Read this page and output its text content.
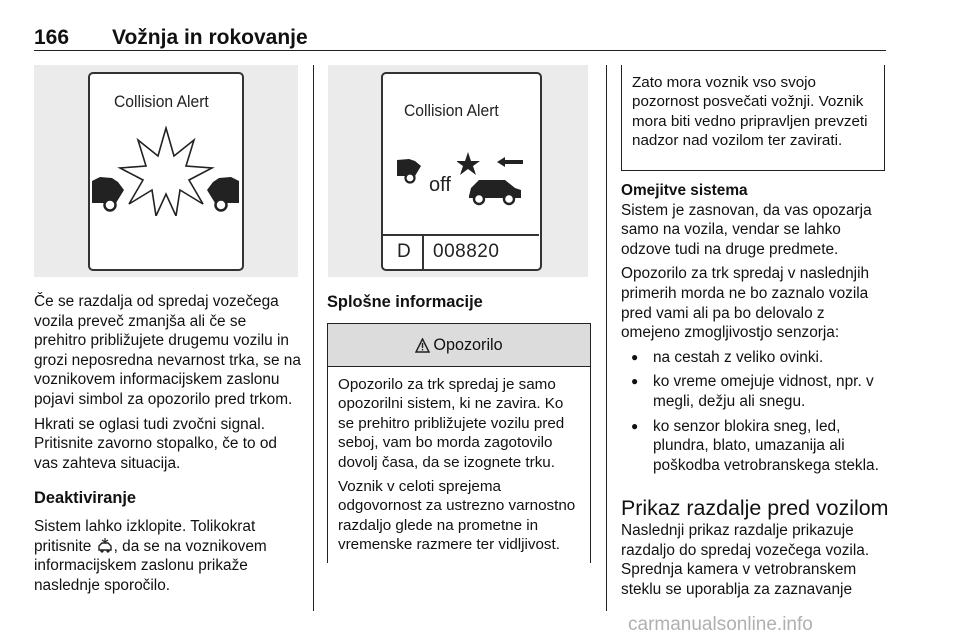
166 Vožnja in rokovanje
Collision Alert	Collision Alert
off
D 008820

Če se razdalja od spredaj vozečega vozila preveč zmanjša ali če se prehitro približujete drugemu vozilu in grozi neposredna nevarnost trka, se na voznikovem informacijskem zaslonu pojavi simbol za opozorilo pred trkom.

Hkrati se oglasi tudi zvočni signal. Pritisnite zavorno stopalko, če to od vas zahteva situacija.

Deaktiviranje

Sistem lahko izklopite. Tolikokrat pritisnite , da se na voznikovem informacijskem zaslonu prikaže naslednje sporočilo.

Splošne informacije
Opozorilo

Opozorilo za trk spredaj je samo opozorilni sistem, ki ne zavira. Ko se prehitro približujete vozilu pred seboj, vam bo morda zagotovilo dovolj časa, da se izognete trku.

Voznik v celoti sprejema odgovornost za ustrezno varnostno razdaljo glede na prometne in vremenske razmere ter vidljivost.

Zato mora voznik vso svojo pozornost posvečati vožnji. Voznik mora biti vedno pripravljen prevzeti nadzor nad vozilom ter zavirati.
Omejitve sistema

Sistem je zasnovan, da vas opozarja samo na vozila, vendar se lahko odzove tudi na druge predmete.

Opozorilo za trk spredaj v naslednjih primerih morda ne bo zaznalo vozila pred vami ali pa bo delovalo z omejeno zmogljivostjo senzorja:

● na cestah z veliko ovinki.
● ko vreme omejuje vidnost, npr. v megli, dežju ali snegu.
● ko senzor blokira sneg, led, plundra, blato, umazanija ali poškodba vetrobranskega stekla.
Prikaz razdalje pred vozilom

Naslednji prikaz razdalje prikazuje razdaljo do spredaj vozečega vozila. Sprednja kamera v vetrobranskem steklu se uporablja za zaznavanje

carmanualsonline.info
